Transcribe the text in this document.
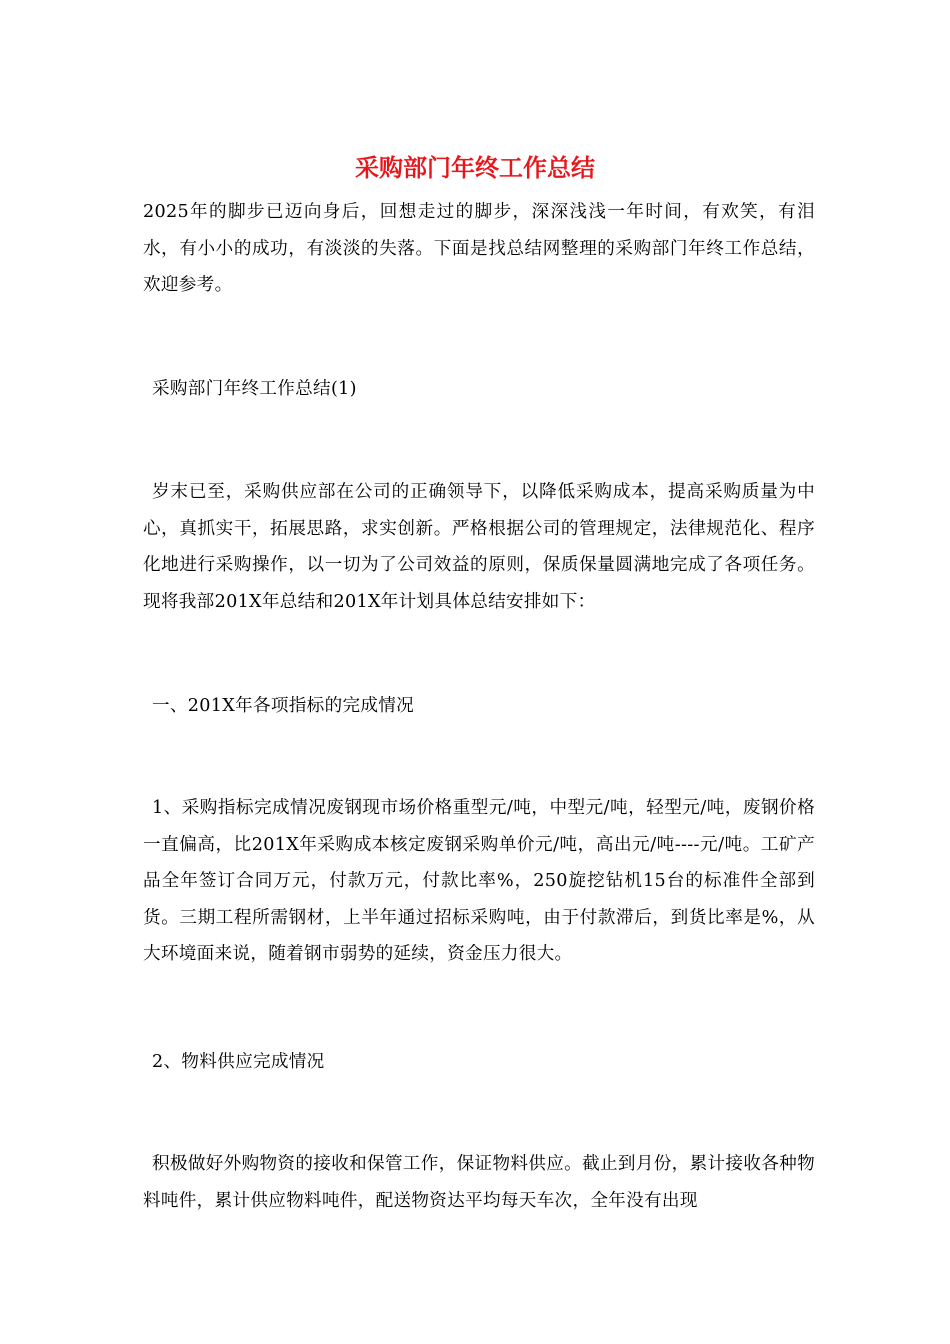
采购部门年终工作总结

2025年的脚步已迈向身后，回想走过的脚步，深深浅浅一年时间，有欢笑，有泪水，有小小的成功，有淡淡的失落。下面是找总结网整理的采购部门年终工作总结，欢迎参考。

采购部门年终工作总结(1)

岁末已至，采购供应部在公司的正确领导下，以降低采购成本，提高采购质量为中心，真抓实干，拓展思路，求实创新。严格根据公司的管理规定，法律规范化、程序化地进行采购操作，以一切为了公司效益的原则，保质保量圆满地完成了各项任务。现将我部201X年总结和201X年计划具体总结安排如下：

一、201X年各项指标的完成情况

1、采购指标完成情况废钢现市场价格重型元/吨，中型元/吨，轻型元/吨，废钢价格一直偏高，比201X年采购成本核定废钢采购单价元/吨，高出元/吨----元/吨。工矿产品全年签订合同万元，付款万元，付款比率%，250旋挖钻机15台的标准件全部到货。三期工程所需钢材，上半年通过招标采购吨，由于付款滞后，到货比率是%，从大环境面来说，随着钢市弱势的延续，资金压力很大。

2、物料供应完成情况

积极做好外购物资的接收和保管工作，保证物料供应。截止到月份，累计接收各种物料吨件，累计供应物料吨件，配送物资达平均每天车次，全年没有出现
